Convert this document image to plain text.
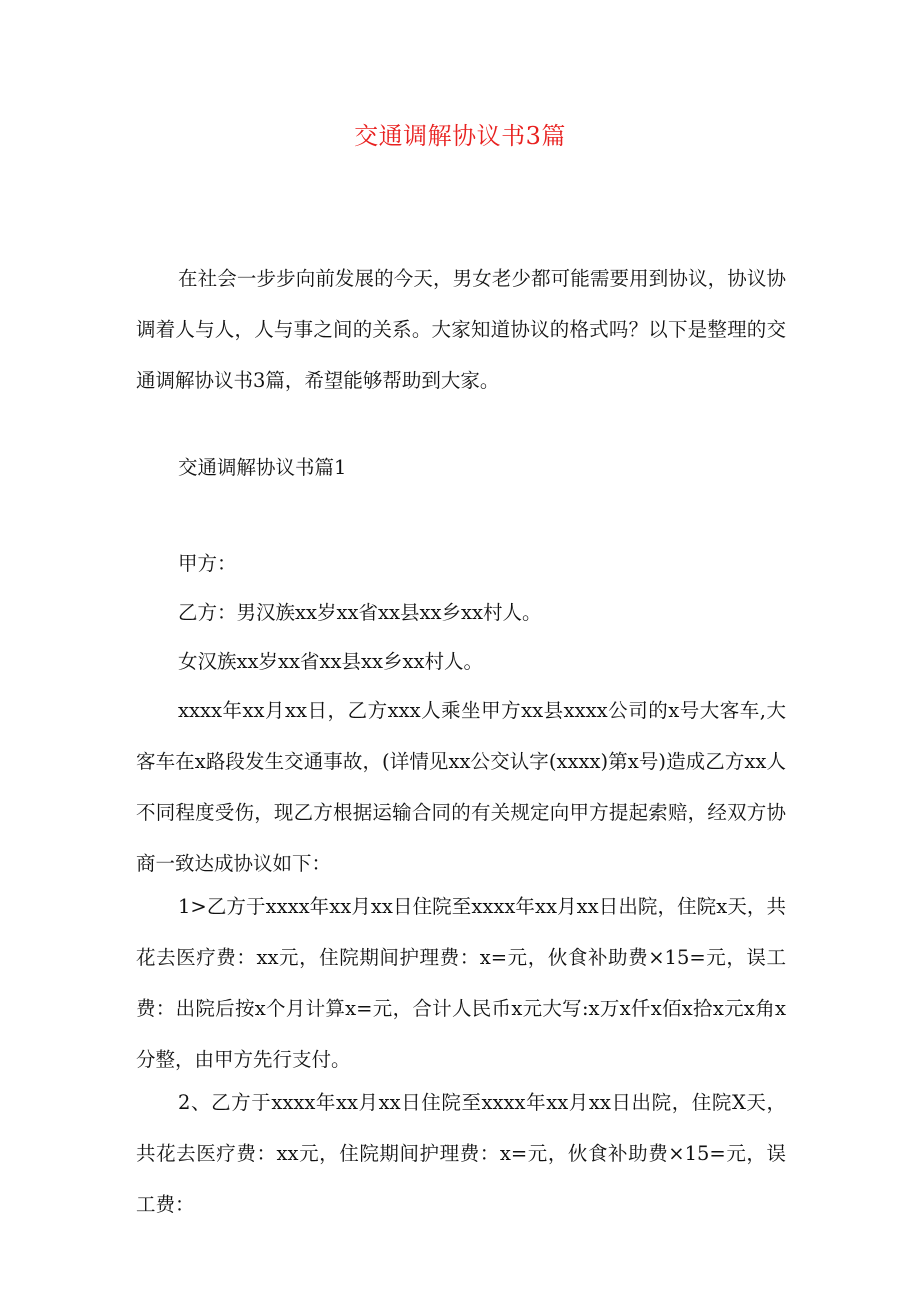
交通调解协议书3篇

在社会一步步向前发展的今天，男女老少都可能需要用到协议，协议协调着人与人，人与事之间的关系。大家知道协议的格式吗？以下是整理的交通调解协议书3篇，希望能够帮助到大家。

交通调解协议书篇1
甲方：
乙方：男汉族xx岁xx省xx县xx乡xx村人。
女汉族xx岁xx省xx县xx乡xx村人。

xxxx年xx月xx日，乙方xxx人乘坐甲方xx县xxxx公司的x号大客车,大客车在x路段发生交通事故，(详情见xx公交认字(xxxx)第x号)造成乙方xx人不同程度受伤，现乙方根据运输合同的有关规定向甲方提起索赔，经双方协商一致达成协议如下：

1>乙方于xxxx年xx月xx日住院至xxxx年xx月xx日出院，住院x天，共花去医疗费：xx元，住院期间护理费：x=元，伙食补助费×15=元，误工费：出院后按x个月计算x=元，合计人民币x元大写:x万x仟x佰x拾x元x角x分整，由甲方先行支付。

2、乙方于xxxx年xx月xx日住院至xxxx年xx月xx日出院，住院X天，共花去医疗费：xx元，住院期间护理费：x=元，伙食补助费×15=元，误工费：
